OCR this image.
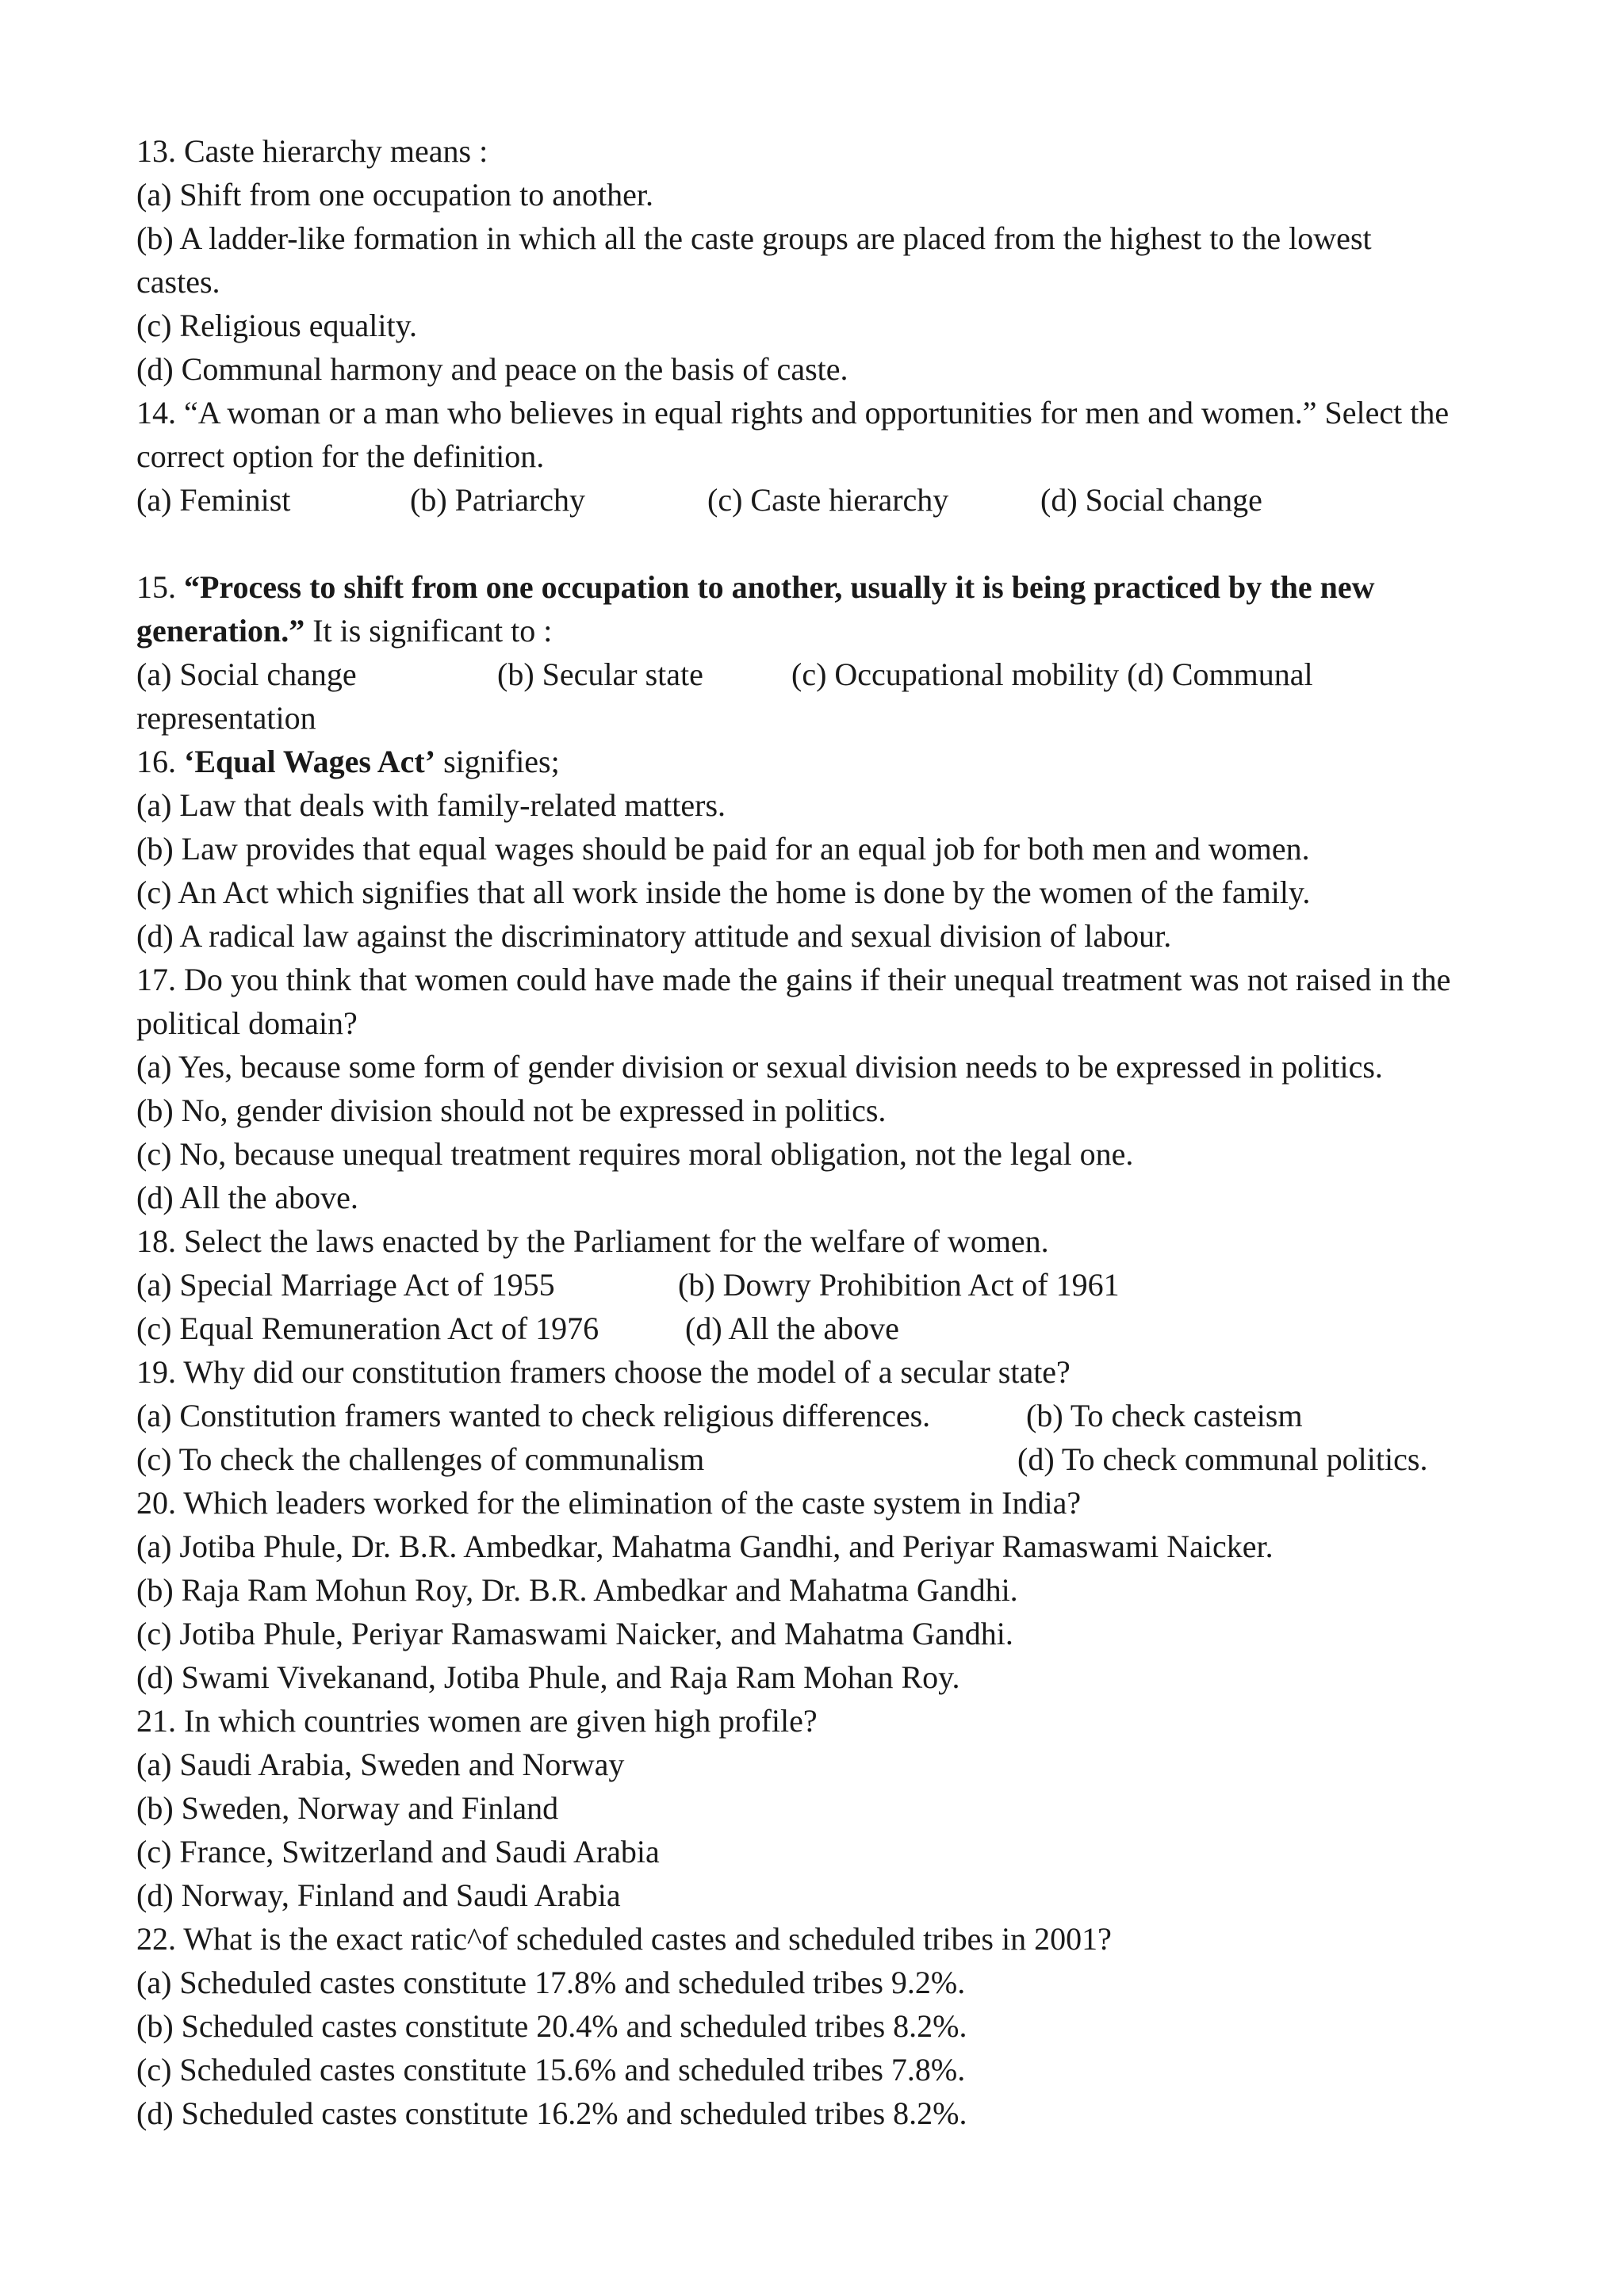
13. Caste hierarchy means :
(a) Shift from one occupation to another.
(b) A ladder-like formation in which all the caste groups are placed from the highest to the lowest
castes.
(c) Religious equality.
(d) Communal harmony and peace on the basis of caste.
14. “A woman or a man who believes in equal rights and opportunities for men and women.” Select the
correct option for the definition.
(a) Feminist	(b) Patriarchy	(c) Caste hierarchy	(d) Social change
15. “Process to shift from one occupation to another, usually it is being practiced by the new
generation.” It is significant to :
(a) Social change	(b) Secular state	(c) Occupational mobility (d) Communal
representation
16. ‘Equal Wages Act’ signifies;
(a) Law that deals with family-related matters.
(b) Law provides that equal wages should be paid for an equal job for both men and women.
(c) An Act which signifies that all work inside the home is done by the women of the family.
(d) A radical law against the discriminatory attitude and sexual division of labour.
17. Do you think that women could have made the gains if their unequal treatment was not raised in the
political domain?
(a) Yes, because some form of gender division or sexual division needs to be expressed in politics.
(b) No, gender division should not be expressed in politics.
(c) No, because unequal treatment requires moral obligation, not the legal one.
(d) All the above.
18. Select the laws enacted by the Parliament for the welfare of women.
(a) Special Marriage Act of 1955	(b) Dowry Prohibition Act of 1961
(c) Equal Remuneration Act of 1976	(d) All the above
19. Why did our constitution framers choose the model of a secular state?
(a) Constitution framers wanted to check religious differences.	(b) To check casteism
(c) To check the challenges of communalism	(d) To check communal politics.
20. Which leaders worked for the elimination of the caste system in India?
(a) Jotiba Phule, Dr. B.R. Ambedkar, Mahatma Gandhi, and Periyar Ramaswami Naicker.
(b) Raja Ram Mohun Roy, Dr. B.R. Ambedkar and Mahatma Gandhi.
(c) Jotiba Phule, Periyar Ramaswami Naicker, and Mahatma Gandhi.
(d) Swami Vivekanand, Jotiba Phule, and Raja Ram Mohan Roy.
21. In which countries women are given high profile?
(a) Saudi Arabia, Sweden and Norway
(b) Sweden, Norway and Finland
(c) France, Switzerland and Saudi Arabia
(d) Norway, Finland and Saudi Arabia
22. What is the exact ratic^of scheduled castes and scheduled tribes in 2001?
(a) Scheduled castes constitute 17.8% and scheduled tribes 9.2%.
(b) Scheduled castes constitute 20.4% and scheduled tribes 8.2%.
(c) Scheduled castes constitute 15.6% and scheduled tribes 7.8%.
(d) Scheduled castes constitute 16.2% and scheduled tribes 8.2%.
